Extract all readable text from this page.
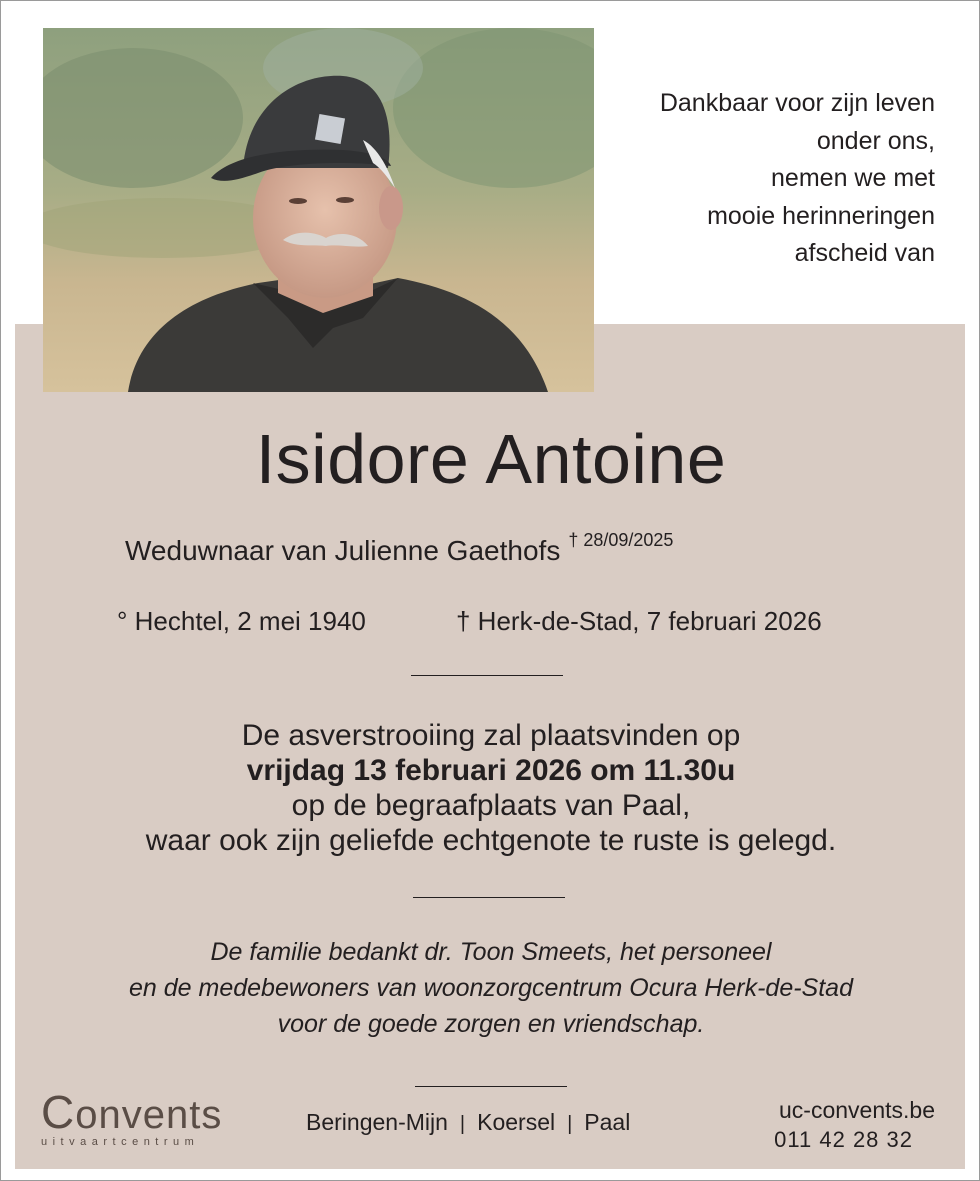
Dankbaar voor zijn leven
onder ons,
nemen we met
mooie herinneringen
afscheid van
Isidore Antoine
Weduwnaar van Julienne Gaethofs $^{\dagger 28/09/2025}$
° Hechtel, 2 mei 1940	† Herk-de-Stad, 7 februari 2026
De asverstrooiing zal plaatsvinden op
vrijdag 13 februari 2026 om 11.30u
op de begraafplaats van Paal,
waar ook zijn geliefde echtgenote te ruste is gelegd.
De familie bedankt dr. Toon Smeets, het personeel
en de medebewoners van woonzorgcentrum Ocura Herk-de-Stad
voor de goede zorgen en vriendschap.
Convents
uitvaartcentrum
Beringen-Mijn | Koersel | Paal	uc-convents.be
011 42 28 32
